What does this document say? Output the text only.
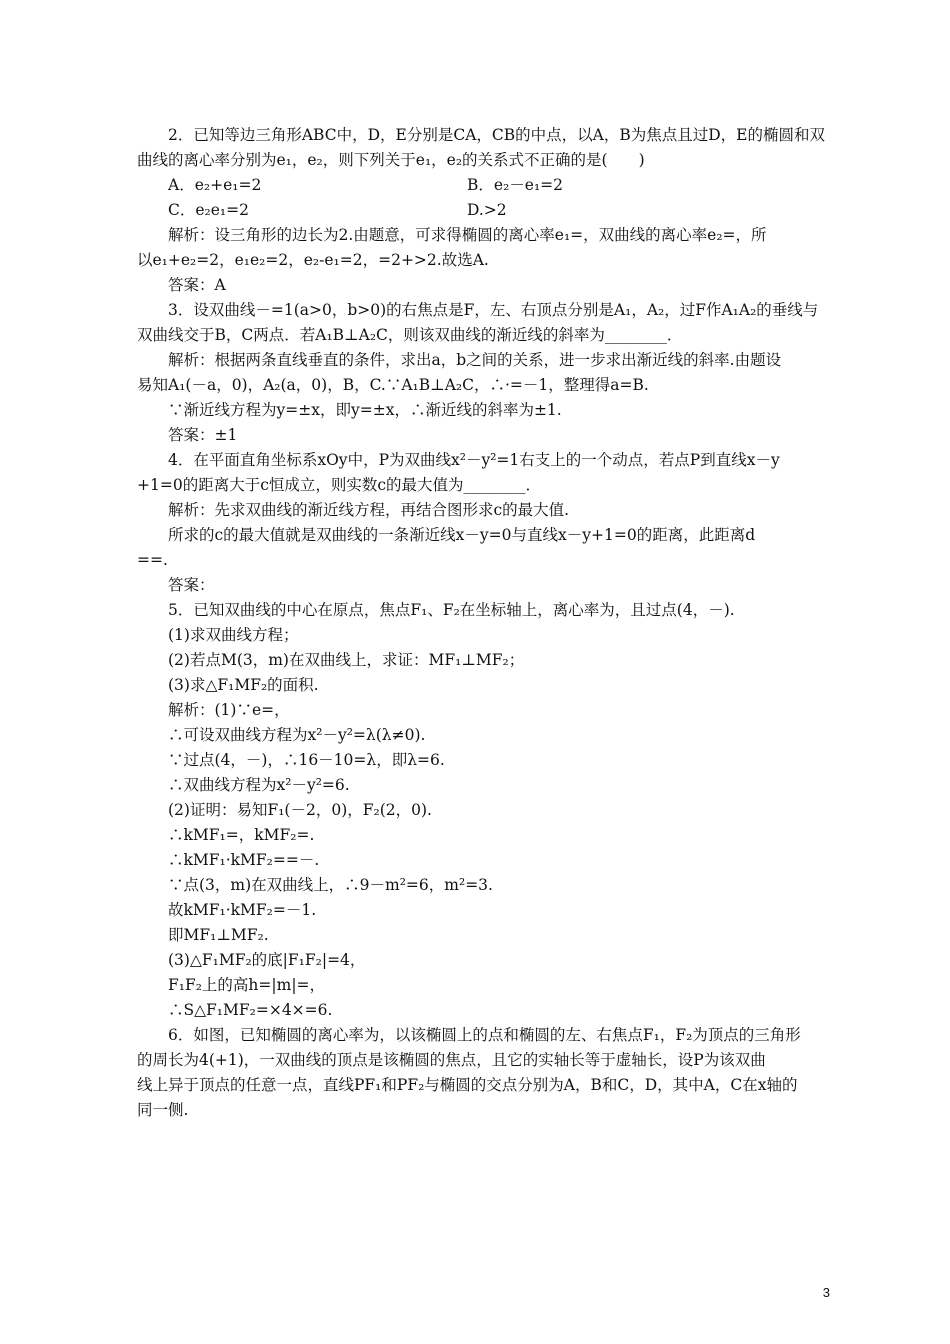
　　2．已知等边三角形ABC中，D，E分别是CA，CB的中点，以A，B为焦点且过D，E的椭圆和双
曲线的离心率分别为e₁，e₂，则下列关于e₁，e₂的关系式不正确的是(　　)
　　A．e₂+e₁=2	B．e₂－e₁=2
　　C．e₂e₁=2	D.>2
　　解析：设三角形的边长为2.由题意，可求得椭圆的离心率e₁=，双曲线的离心率e₂=，所
以e₁+e₂=2，e₁e₂=2，e₂-e₁=2，=2+>2.故选A.
　　答案：A
　　3．设双曲线－=1(a>0，b>0)的右焦点是F，左、右顶点分别是A₁，A₂，过F作A₁A₂的垂线与
双曲线交于B，C两点．若A₁B⊥A₂C，则该双曲线的渐近线的斜率为________．
　　解析：根据两条直线垂直的条件，求出a，b之间的关系，进一步求出渐近线的斜率.由题设
易知A₁(－a，0)，A₂(a，0)，B，C.∵A₁B⊥A₂C，∴·=－1，整理得a=B.
　　∵渐近线方程为y=±x，即y=±x，∴渐近线的斜率为±1.
　　答案：±1
　　4．在平面直角坐标系xOy中，P为双曲线x²－y²=1右支上的一个动点，若点P到直线x－y
+1=0的距离大于c恒成立，则实数c的最大值为________．
　　解析：先求双曲线的渐近线方程，再结合图形求c的最大值.
　　所求的c的最大值就是双曲线的一条渐近线x－y=0与直线x－y+1=0的距离，此距离d
==.
　　答案：
　　5．已知双曲线的中心在原点，焦点F₁、F₂在坐标轴上，离心率为，且过点(4，－).
　　(1)求双曲线方程；
　　(2)若点M(3，m)在双曲线上，求证：MF₁⊥MF₂；
　　(3)求△F₁MF₂的面积.
　　解析：(1)∵e=，
　　∴可设双曲线方程为x²－y²=λ(λ≠0).
　　∵过点(4，－)，∴16－10=λ，即λ=6.
　　∴双曲线方程为x²－y²=6.
　　(2)证明：易知F₁(－2，0)，F₂(2，0).
　　∴kMF₁=，kMF₂=.
　　∴kMF₁·kMF₂==－.
　　∵点(3，m)在双曲线上，∴9－m²=6，m²=3.
　　故kMF₁·kMF₂=－1.
　　即MF₁⊥MF₂.
　　(3)△F₁MF₂的底|F₁F₂|=4，
　　F₁F₂上的高h=|m|=，
　　∴S△F₁MF₂=×4×=6.
　　6．如图，已知椭圆的离心率为，以该椭圆上的点和椭圆的左、右焦点F₁，F₂为顶点的三角形
的周长为4(+1)，一双曲线的顶点是该椭圆的焦点，且它的实轴长等于虚轴长，设P为该双曲
线上异于顶点的任意一点，直线PF₁和PF₂与椭圆的交点分别为A，B和C，D，其中A，C在x轴的
同一侧.
3
